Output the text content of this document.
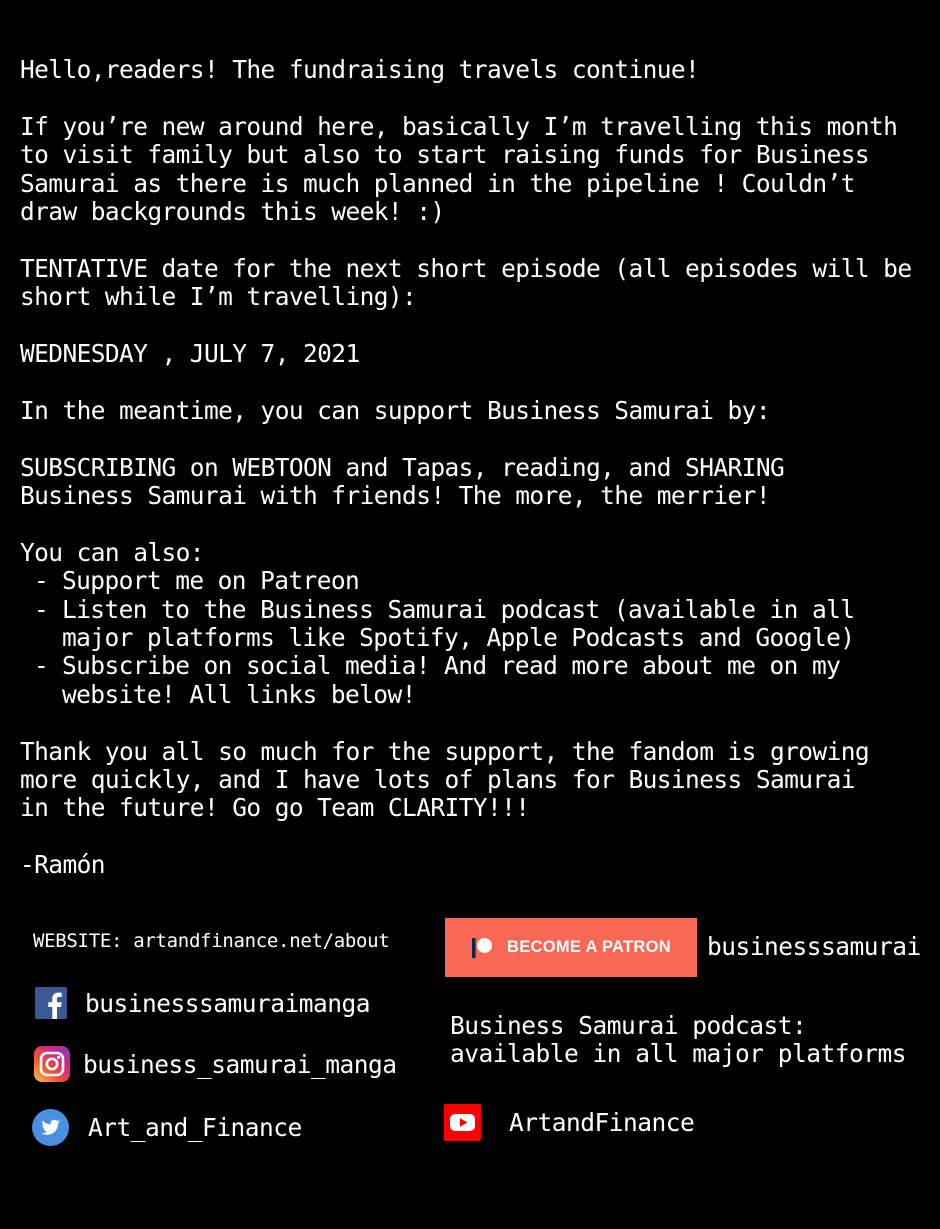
Hello,readers! The fundraising travels continue!

If you’re new around here, basically I’m travelling this month
to visit family but also to start raising funds for Business
Samurai as there is much planned in the pipeline ! Couldn’t
draw backgrounds this week! :)

TENTATIVE date for the next short episode (all episodes will be
short while I’m travelling):

WEDNESDAY , JULY 7, 2021

In the meantime, you can support Business Samurai by:

SUBSCRIBING on WEBTOON and Tapas, reading, and SHARING
Business Samurai with friends! The more, the merrier!

You can also:

- Support me on Patreon
- Listen to the Business Samurai podcast (available in all major platforms like Spotify, Apple Podcasts and Google)
- Subscribe on social media! And read more about me on my website! All links below!

Thank you all so much for the support, the fandom is growing
more quickly, and I have lots of plans for Business Samurai
in the future! Go go Team CLARITY!!!

-Ramón

WEBSITE: artandfinance.net/about
businesssamuraimanga
business_samurai_manga
Art_and_Finance
BECOME A PATRON businesssamurai
Business Samurai podcast:
available in all major platforms
ArtandFinance
